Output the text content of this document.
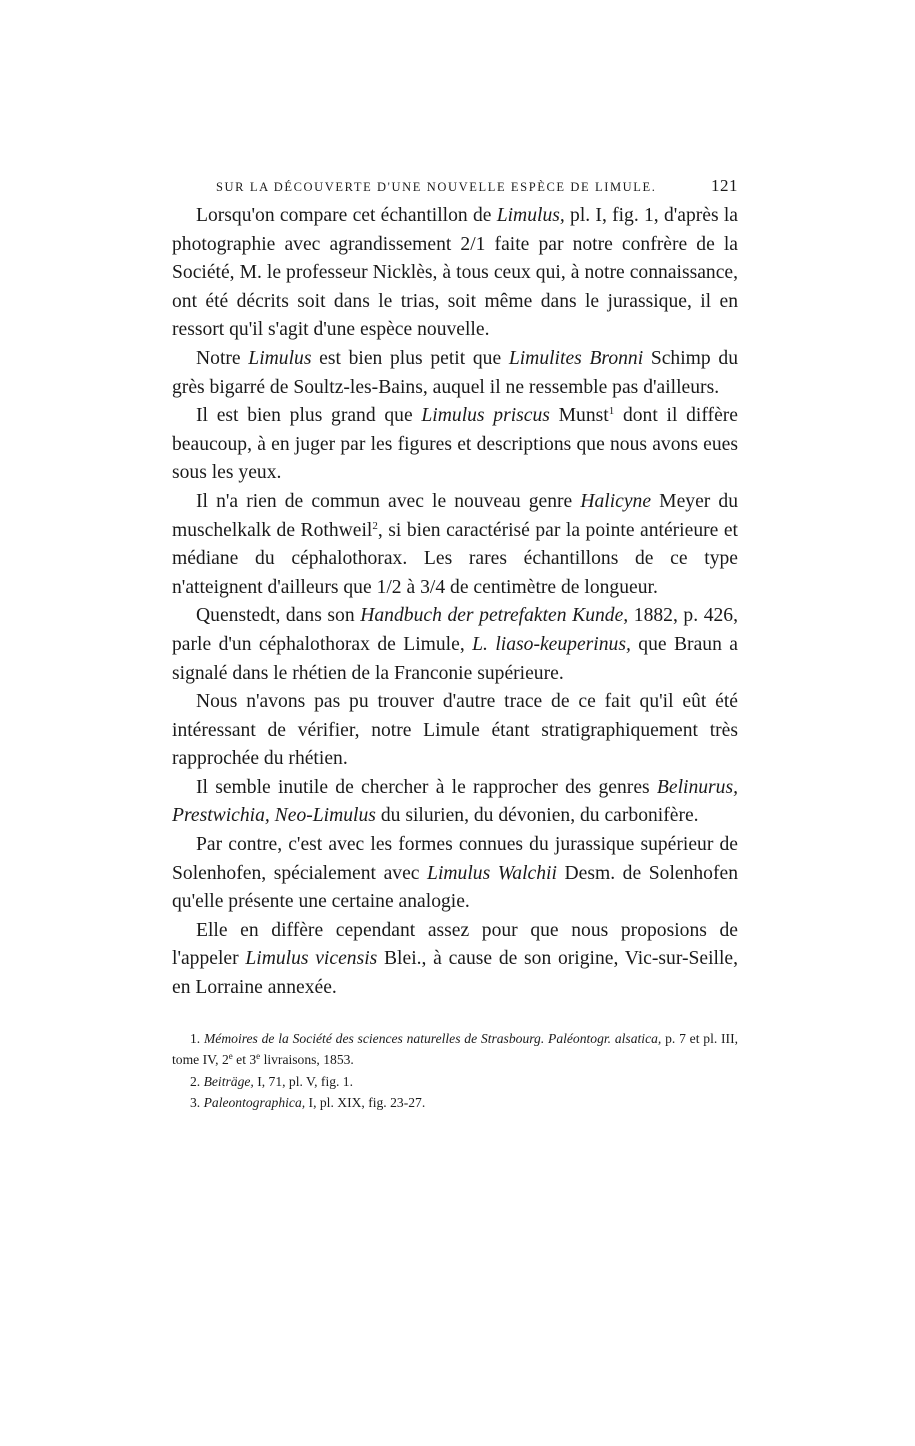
SUR LA DÉCOUVERTE D'UNE NOUVELLE ESPÈCE DE LIMULE.	121

Lorsqu'on compare cet échantillon de Limulus, pl. I, fig. 1, d'après la photographie avec agrandissement 2/1 faite par notre confrère de la Société, M. le professeur Nicklès, à tous ceux qui, à notre connaissance, ont été décrits soit dans le trias, soit même dans le jurassique, il en ressort qu'il s'agit d'une espèce nouvelle.

Notre Limulus est bien plus petit que Limulites Bronni Schimp du grès bigarré de Soultz-les-Bains, auquel il ne ressemble pas d'ailleurs.

Il est bien plus grand que Limulus priscus Munst$^1$ dont il diffère beaucoup, à en juger par les figures et descriptions que nous avons eues sous les yeux.

Il n'a rien de commun avec le nouveau genre Halicyne Meyer du muschelkalk de Rothweil$^2$, si bien caractérisé par la pointe antérieure et médiane du céphalothorax. Les rares échantillons de ce type n'atteignent d'ailleurs que 1/2 à 3/4 de centimètre de longueur.

Quenstedt, dans son Handbuch der petrefakten Kunde, 1882, p. 426, parle d'un céphalothorax de Limule, L. liaso-keuperinus, que Braun a signalé dans le rhétien de la Franconie supérieure.

Nous n'avons pas pu trouver d'autre trace de ce fait qu'il eût été intéressant de vérifier, notre Limule étant stratigraphiquement très rapprochée du rhétien.

Il semble inutile de chercher à le rapprocher des genres Belinurus, Prestwichia, Neo-Limulus du silurien, du dévonien, du carbonifère.

Par contre, c'est avec les formes connues du jurassique supérieur de Solenhofen, spécialement avec Limulus Walchii Desm. de Solenhofen qu'elle présente une certaine analogie.

Elle en diffère cependant assez pour que nous proposions de l'appeler Limulus vicensis Blei., à cause de son origine, Vic-sur-Seille, en Lorraine annexée.

1. Mémoires de la Société des sciences naturelles de Strasbourg. Paléontogr. alsatica, p. 7 et pl. III, tome IV, 2e et 3e livraisons, 1853.

2. Beiträge, I, 71, pl. V, fig. 1.

3. Paleontographica, I, pl. XIX, fig. 23-27.
